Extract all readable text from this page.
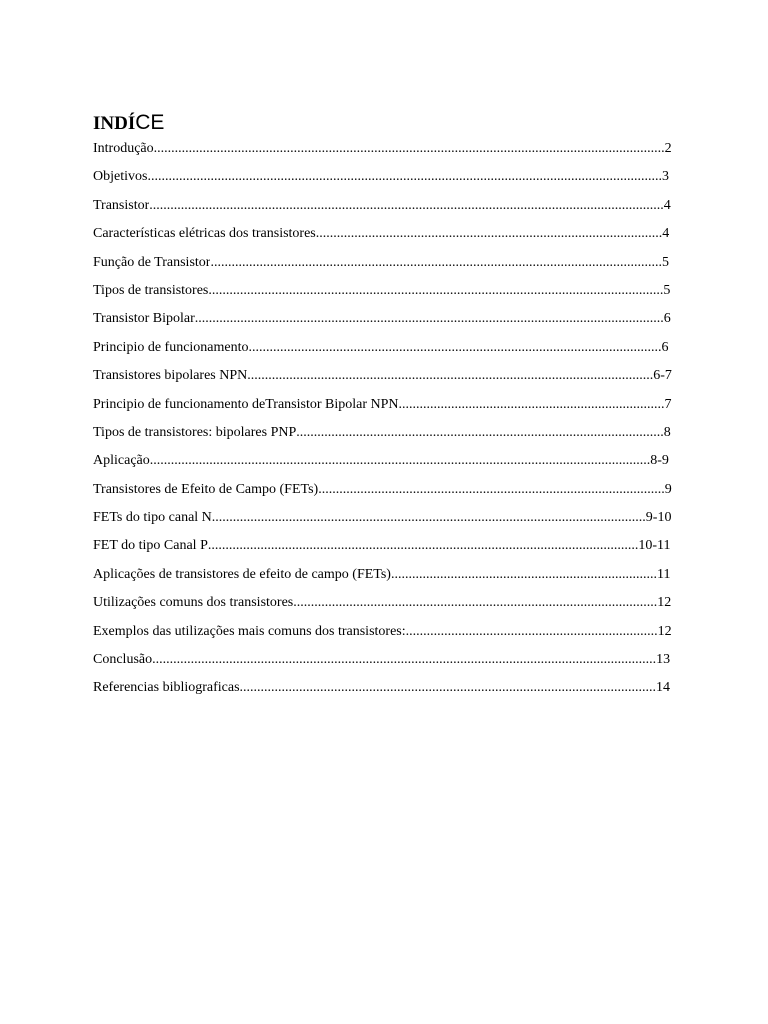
INDÍCE
Introdução..................................................................................................................................................2
Objetivos...................................................................................................................................................3
Transistor...................................................................................................................................................4
Características elétricas dos transistores...................................................................................................4
Função de Transistor.................................................................................................................................5
Tipos de transistores..................................................................................................................................5
Transistor Bipolar......................................................................................................................................6
Principio de funcionamento......................................................................................................................6
Transistores bipolares NPN....................................................................................................................6-7
Principio de funcionamento deTransistor Bipolar NPN............................................................................7
Tipos de transistores: bipolares PNP.........................................................................................................8
Aplicação...............................................................................................................................................8-9
Transistores de Efeito de Campo (FETs)...................................................................................................9
FETs do tipo canal N............................................................................................................................9-10
FET do tipo Canal P...........................................................................................................................10-11
Aplicações de transistores de efeito de campo (FETs)............................................................................11
Utilizações comuns dos transistores........................................................................................................12
Exemplos das utilizações mais comuns dos transistores:........................................................................12
Conclusão................................................................................................................................................13
Referencias bibliograficas.......................................................................................................................14
